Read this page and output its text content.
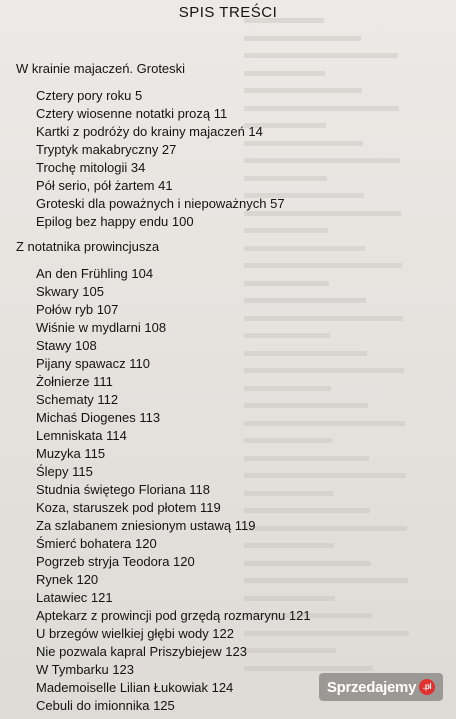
SPIS TREŚCI
W krainie majaczeń. Groteski
Cztery pory roku 5
Cztery wiosenne notatki prozą 11
Kartki z podróży do krainy majaczeń 14
Tryptyk makabryczny 27
Trochę mitologii 34
Pół serio, pół żartem 41
Groteski dla poważnych i niepoważnych 57
Epilog bez happy endu 100
Z notatnika prowincjusza
An den Frühling 104
Skwary 105
Połów ryb 107
Wiśnie w mydlarni 108
Stawy 108
Pijany spawacz 110
Żołnierze 111
Schematy 112
Michaś Diogenes 113
Lemniskata 114
Muzyka 115
Ślepy 115
Studnia świętego Floriana 118
Koza, staruszek pod płotem 119
Za szlabanem zniesionym ustawą 119
Śmierć bohatera 120
Pogrzeb stryja Teodora 120
Rynek 120
Latawiec 121
Aptekarz z prowincji pod grzędą rozmarynu 121
U brzegów wielkiej głębi wody 122
Nie pozwala kapral Priszybiejew 123
W Tymbarku 123
Mademoiselle Lilian Łukowiak 124
Cebuli do imionnika 125
Sprzedajemy .pl
